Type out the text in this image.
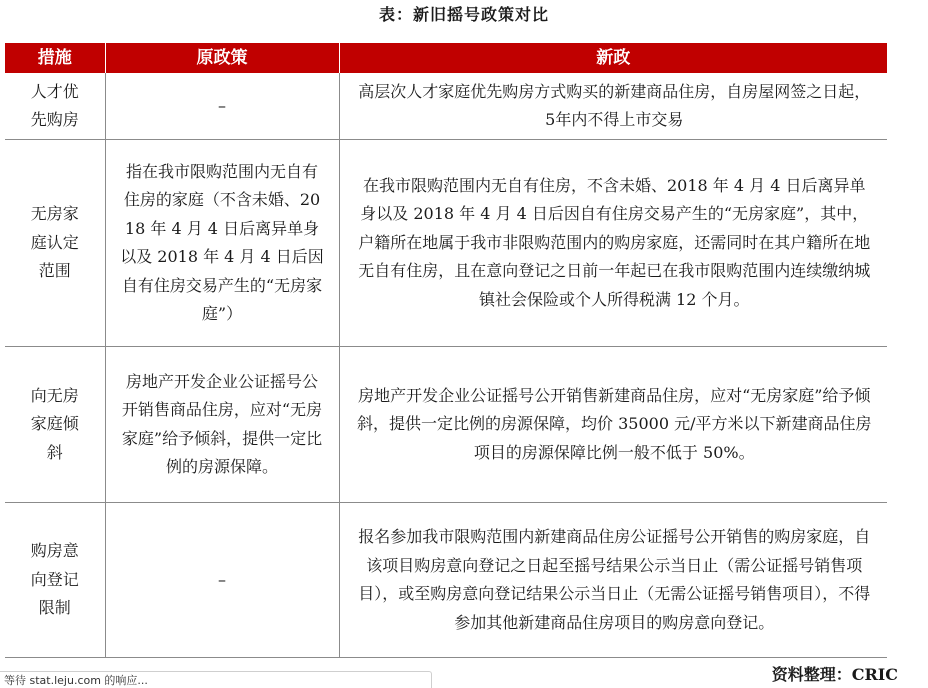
表：新旧摇号政策对比
措施	原政策	新政
人才优先购房	–	高层次人才家庭优先购房方式购买的新建商品住房，自房屋网签之日起，5年内不得上市交易
无房家庭认定范围	指在我市限购范围内无自有住房的家庭（不含未婚、2018 年 4 月 4 日后离异单身以及 2018 年 4 月 4 日后因自有住房交易产生的“无房家庭”）	在我市限购范围内无自有住房，不含未婚、2018 年 4 月 4 日后离异单身以及 2018 年 4 月 4 日后因自有住房交易产生的“无房家庭”，其中，户籍所在地属于我市非限购范围内的购房家庭，还需同时在其户籍所在地无自有住房，且在意向登记之日前一年起已在我市限购范围内连续缴纳城镇社会保险或个人所得税满 12 个月。
向无房家庭倾斜	房地产开发企业公证摇号公开销售商品住房，应对“无房家庭”给予倾斜，提供一定比例的房源保障。	房地产开发企业公证摇号公开销售新建商品住房，应对“无房家庭”给予倾斜，提供一定比例的房源保障，均价 35000 元/平方米以下新建商品住房项目的房源保障比例一般不低于 50%。
购房意向登记限制	–	报名参加我市限购范围内新建商品住房公证摇号公开销售的购房家庭，自该项目购房意向登记之日起至摇号结果公示当日止（需公证摇号销售项目），或至购房意向登记结果公示当日止（无需公证摇号销售项目），不得参加其他新建商品住房项目的购房意向登记。
资料整理：CRIC
等待 stat.leju.com 的响应...
